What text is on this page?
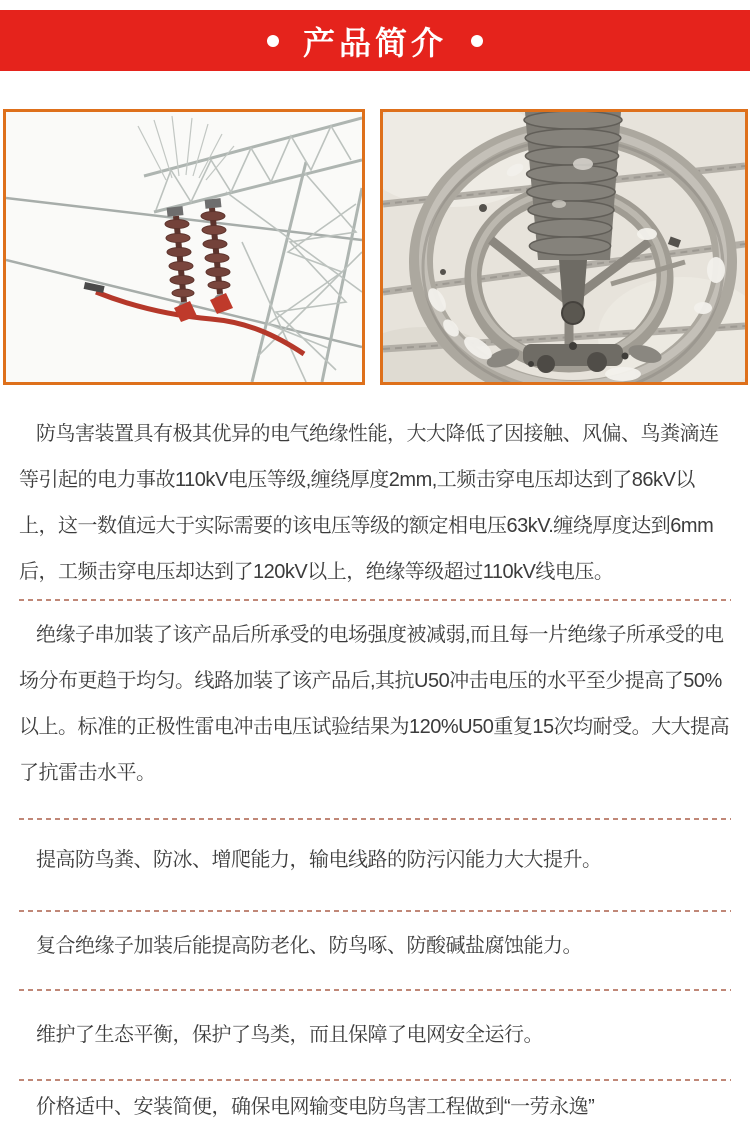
产品简介

防鸟害装置具有极其优异的电气绝缘性能，大大降低了因接触、风偏、鸟粪滴连等引起的电力事故110kV电压等级,缠绕厚度2mm,工频击穿电压却达到了86kV以上，这一数值远大于实际需要的该电压等级的额定相电压63kV.缠绕厚度达到6mm后，工频击穿电压却达到了120kV以上，绝缘等级超过110kV线电压。

绝缘子串加装了该产品后所承受的电场强度被减弱,而且每一片绝缘子所承受的电场分布更趋于均匀。线路加装了该产品后,其抗U50冲击电压的水平至少提高了50%以上。标准的正极性雷电冲击电压试验结果为120%U50重复15次均耐受。大大提高了抗雷击水平。

提高防鸟粪、防冰、增爬能力，输电线路的防污闪能力大大提升。

复合绝缘子加装后能提高防老化、防鸟啄、防酸碱盐腐蚀能力。

维护了生态平衡，保护了鸟类，而且保障了电网安全运行。

价格适中、安装简便，确保电网输变电防鸟害工程做到“一劳永逸”
